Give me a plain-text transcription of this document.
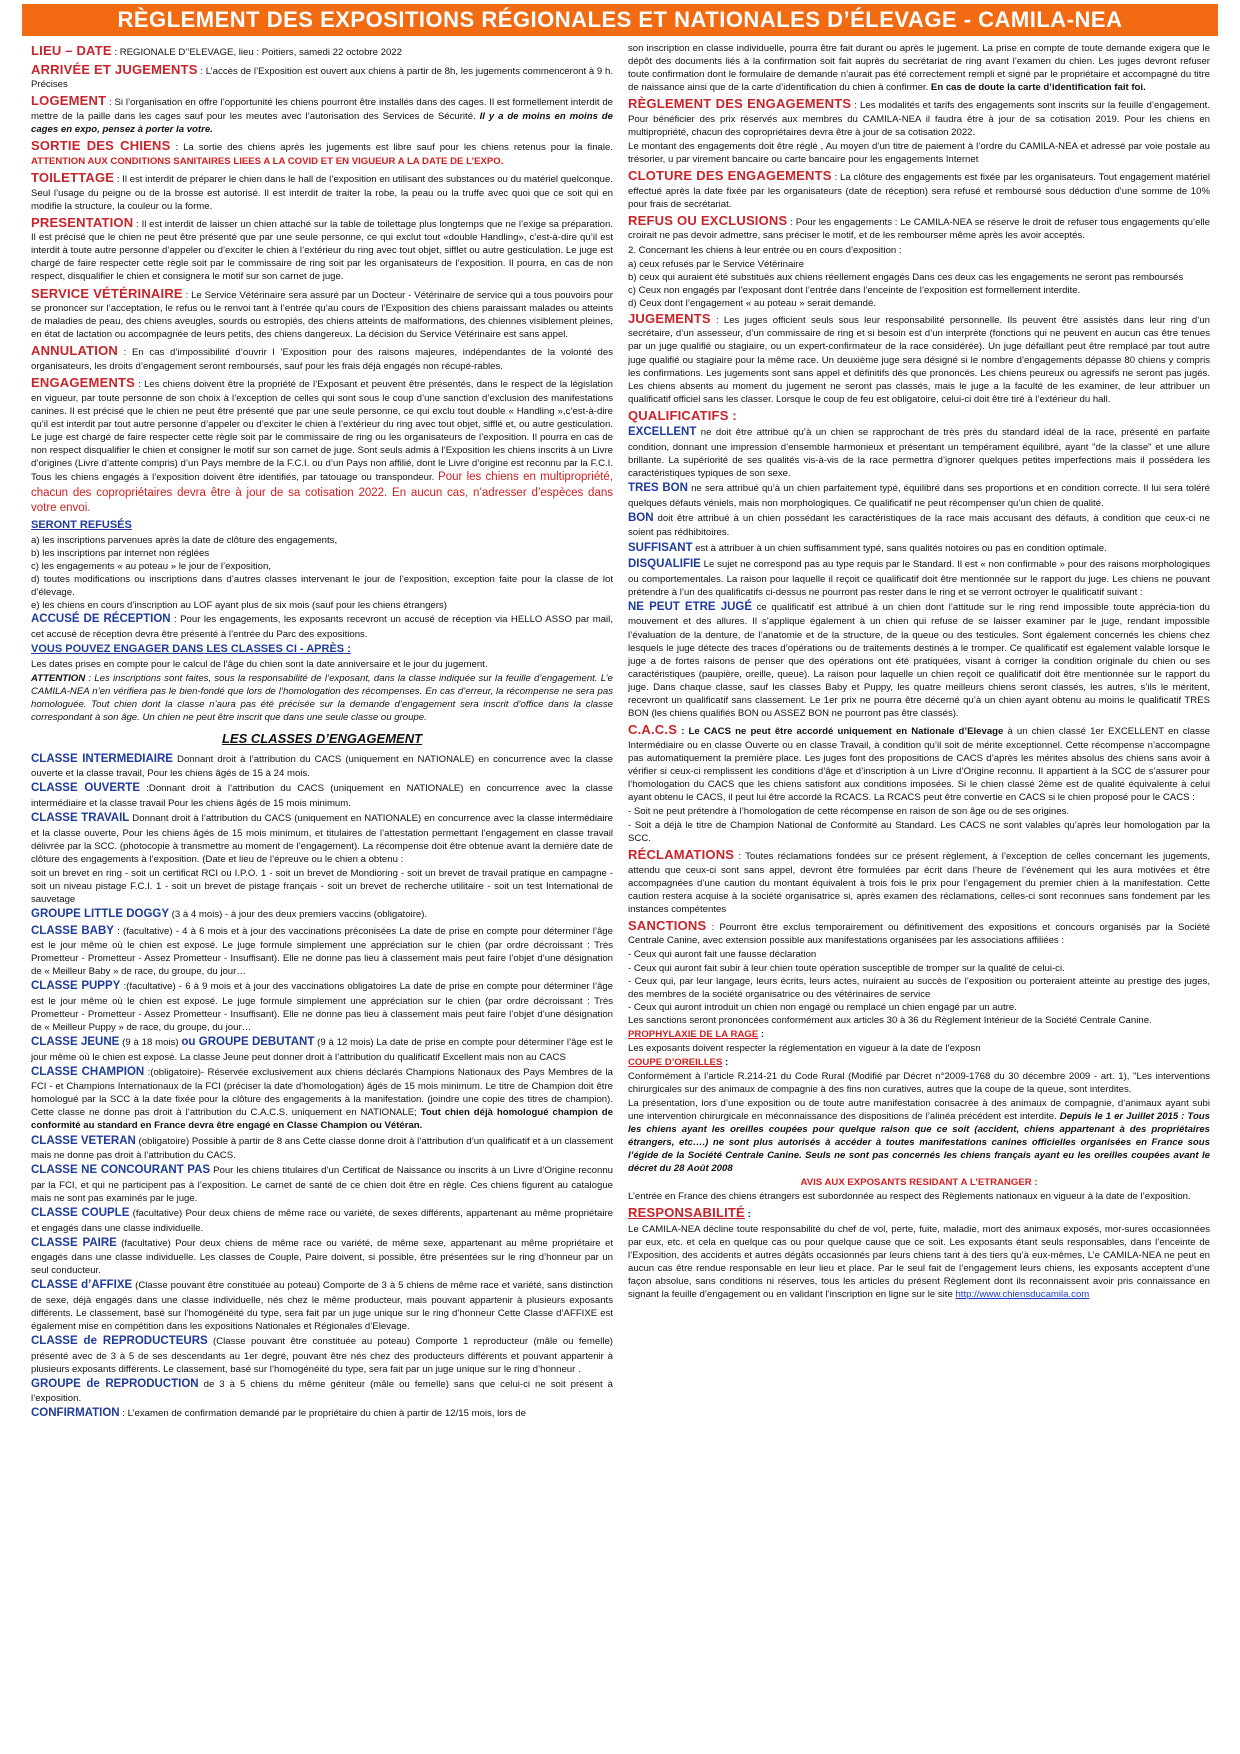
RÈGLEMENT DES EXPOSITIONS RÉGIONALES ET NATIONALES D’ÉLEVAGE - CAMILA-NEA

LIEU – DATE : REGIONALE D’’ELEVAGE, lieu : Poitiers, samedi 22 octobre 2022

ARRIVÉE ET JUGEMENTS : L’accès de l’Exposition est ouvert aux chiens à partir de 8h, les jugements commenceront à 9 h. Précises

LOGEMENT : Si l’organisation en offre l’opportunité les chiens pourront être installés dans des cages. Il est formellement interdit de mettre de la paille dans les cages sauf pour les meutes avec l’autorisation des Services de Sécurité. Il y a de moins en moins de cages en expo, pensez à porter la votre.

SORTIE DES CHIENS : La sortie des chiens après les jugements est libre sauf pour les chiens retenus pour la finale. ATTENTION AUX CONDITIONS SANITAIRES LIEES A LA COVID ET EN VIGUEUR A LA DATE DE L’EXPO.

TOILETTAGE : Il est interdit de préparer le chien dans le hall de l’exposition en utilisant des substances ou du matériel quelconque. Seul l’usage du peigne ou de la brosse est autorisé. Il est interdit de traiter la robe, la peau ou la truffe avec quoi que ce soit qui en modifie la structure, la couleur ou la forme.

PRESENTATION : Il est interdit de laisser un chien attaché sur la table de toilettage plus longtemps que ne l’exige sa préparation. Il est précisé que le chien ne peut être présenté que par une seule personne, ce qui exclut tout «double Handling», c’est-à-dire qu’il est interdit à toute autre personne d’appeler ou d’exciter le chien à l’extérieur du ring avec tout objet, sifflet ou autre gesticulation. Le juge est chargé de faire respecter cette règle soit par le commissaire de ring soit par les organisateurs de l’exposition. Il pourra, en cas de non respect, disqualifier le chien et consignera le motif sur son carnet de juge.

SERVICE VÉTÉRINAIRE : Le Service Vétérinaire sera assuré par un Docteur - Vétérinaire de service qui a tous pouvoirs pour se prononcer sur l’acceptation, le refus ou le renvoi tant à l’entrée qu’au cours de l’Exposition des chiens paraissant malades ou atteints de maladies de peau, des chiens aveugles, sourds ou estropiés, des chiens atteints de malformations, des chiennes visiblement pleines, en état de lactation ou accompagnée de leurs petits, des chiens dangereux. La décision du Service Vétérinaire est sans appel.

ANNULATION : En cas d’impossibilité d’ouvrir l ’Exposition pour des raisons majeures, indépendantes de la volonté des organisateurs, les droits d’engagement seront remboursés, sauf pour les frais déjà engagés non récupé-rables.

ENGAGEMENTS : Les chiens doivent être la propriété de l’Exposant et peuvent être présentés, dans le respect de la législation en vigueur, par toute personne de son choix à l’exception de celles qui sont sous le coup d’une sanction d’exclusion des manifestations canines. Il est précisé que le chien ne peut être présenté que par une seule personne, ce qui exclu tout double « Handling »,c’est-à-dire qu’il est interdit par tout autre personne d’appeler ou d’exciter le chien à l’extérieur du ring avec tout objet, sifflé et, ou autre gesticulation. Le juge est chargé de faire respecter cette règle soit par le commissaire de ring ou les organisateurs de l’exposition. Il pourra en cas de non respect disqualifier le chien et consigner le motif sur son carnet de juge. Sont seuls admis à l’Exposition les chiens inscrits à un Livre d’origines (Livre d’attente compris) d’un Pays membre de la F.C.I. ou d’un Pays non affilié, dont le Livre d’origine est reconnu par la F.C.I. Tous les chiens engagés à l’exposition doivent être identifiés, par tatouage ou transpondeur. Pour les chiens en multipropriété, chacun des copropriétaires devra être à jour de sa cotisation 2022. En aucun cas, n’adresser d’espèces dans votre envoi.

SERONT REFUSÉS

a) les inscriptions parvenues après la date de clôture des engagements,

b) les inscriptions par internet non réglées

c) les engagements « au poteau » le jour de l’exposition,

d) toutes modifications ou inscriptions dans d’autres classes intervenant le jour de l’exposition, exception faite pour la classe de lot d’élevage.

e) les chiens en cours d’inscription au LOF ayant plus de six mois (sauf pour les chiens étrangers)

ACCUSÉ DE RÉCEPTION : Pour les engagements, les exposants recevront un accusé de réception via HELLO ASSO par mail, cet accusé de réception devra être présenté à l’entrée du Parc des expositions.

VOUS POUVEZ ENGAGER DANS LES CLASSES CI - APRÈS :

Les dates prises en compte pour le calcul de l’âge du chien sont la date anniversaire et le jour du jugement.

ATTENTION : Les inscriptions sont faites, sous la responsabilité de l’exposant, dans la classe indiquée sur la feuille d’engagement. L’e CAMILA-NEA n’en vérifiera pas le bien-fondé que lors de l’homologation des récompenses. En cas d’erreur, la récompense ne sera pas homologuée. Tout chien dont la classe n’aura pas été précisée sur la demande d’engagement sera inscrit d’office dans la classe correspondant à son âge. Un chien ne peut être inscrit que dans une seule classe ou groupe.

LES CLASSES D’ENGAGEMENT

CLASSE INTERMEDIAIRE Donnant droit à l’attribution du CACS (uniquement en NATIONALE) en concurrence avec la classe ouverte et la classe travail, Pour les chiens âgés de 15 à 24 mois.

CLASSE OUVERTE :Donnant droit à l’attribution du CACS (uniquement en NATIONALE) en concurrence avec la classe intermédiaire et la classe travail Pour les chiens âgés de 15 mois minimum.

CLASSE TRAVAIL Donnant droit à l’attribution du CACS (uniquement en NATIONALE) en concurrence avec la classe intermédiaire et la classe ouverte, Pour les chiens âgés de 15 mois minimum, et titulaires de l’attestation permettant l’engagement en classe travail délivrée par la SCC. (photocopie à transmettre au moment de l’engagement). La récompense doit être obtenue avant la dernière date de clôture des engagements à l’exposition. (Date et lieu de l’épreuve ou le chien a obtenu :

soit un brevet en ring - soit un certificat RCI ou I.P.O. 1 - soit un brevet de Mondioring - soit un brevet de travail pratique en campagne - soit un niveau pistage F.C.I. 1 - soit un brevet de pistage français - soit un brevet de recherche utilitaire - soit un test International de sauvetage

GROUPE LITTLE DOGGY (3 à 4 mois) - à jour des deux premiers vaccins (obligatoire).

CLASSE BABY : (facultative) - 4 à 6 mois et à jour des vaccinations préconisées La date de prise en compte pour déterminer l’âge est le jour même où le chien est exposé. Le juge formule simplement une appréciation sur le chien (par ordre décroissant : Très Prometteur - Prometteur - Assez Prometteur - Insuffisant). Elle ne donne pas lieu à classement mais peut faire l’objet d’une désignation de « Meilleur Baby » de race, du groupe, du jour…

CLASSE PUPPY :(facultative) - 6 à 9 mois et à jour des vaccinations obligatoires La date de prise en compte pour déterminer l’âge est le jour même où le chien est exposé. Le juge formule simplement une appréciation sur le chien (par ordre décroissant : Très Prometteur - Prometteur - Assez Prometteur - Insuffisant). Elle ne donne pas lieu à classement mais peut faire l’objet d’une désignation de « Meilleur Puppy » de race, du groupe, du jour…

CLASSE JEUNE (9 à 18 mois) ou GROUPE DEBUTANT (9 à 12 mois) La date de prise en compte pour déterminer l’âge est le jour même où le chien est exposé. La classe Jeune peut donner droit à l’attribution du qualificatif Excellent mais non au CACS

CLASSE CHAMPION :(obligatoire)- Réservée exclusivement aux chiens déclarés Champions Nationaux des Pays Membres de la FCI - et Champions Internationaux de la FCI (préciser la date d’homologation) âgés de 15 mois minimum. Le titre de Champion doit être homologué par la SCC à la date fixée pour la clôture des engagements à la manifestation. (joindre une copie des titres de champion). Cette classe ne donne pas droit à l’attribution du C.A.C.S. uniquement en NATIONALE; Tout chien déjà homologué champion de conformité au standard en France devra être engagé en Classe Champion ou Vétéran.

CLASSE VETERAN (obligatoire) Possible à partir de 8 ans Cette classe donne droit à l’attribution d’un qualificatif et à un classement mais ne donne pas droit à l’attribution du CACS.

CLASSE NE CONCOURANT PAS Pour les chiens titulaires d’un Certificat de Naissance ou inscrits à un Livre d’Origine reconnu par la FCI, et qui ne participent pas à l’exposition. Le carnet de santé de ce chien doit être en règle. Ces chiens figurent au catalogue mais ne sont pas examinés par le juge.

CLASSE COUPLE (facultative) Pour deux chiens de même race ou variété, de sexes différents, appartenant au même propriétaire et engagés dans une classe individuelle.

CLASSE PAIRE (facultative) Pour deux chiens de même race ou variété, de même sexe, appartenant au même propriétaire et engagés dans une classe individuelle. Les classes de Couple, Paire doivent, si possible, être présentées sur le ring d’honneur par un seul conducteur.

CLASSE d’AFFIXE (Classe pouvant être constituée au poteau) Comporte de 3 à 5 chiens de même race et variété, sans distinction de sexe, déjà engagés dans une classe individuelle, nés chez le même producteur, mais pouvant appartenir à plusieurs exposants différents. Le classement, basé sur l’homogénéité du type, sera fait par un juge unique sur le ring d’honneur Cette Classe d’AFFIXE est également mise en compétition dans les expositions Nationales et Régionales d’Elevage.

CLASSE de REPRODUCTEURS (Classe pouvant être constituée au poteau) Comporte 1 reproducteur (mâle ou femelle) présenté avec de 3 à 5 de ses descendants au 1er degré, pouvant être nés chez des producteurs différents et pouvant appartenir à plusieurs exposants différents. Le classement, basé sur l’homogénéité du type, sera fait par un juge unique sur le ring d’honneur .

GROUPE de REPRODUCTION de 3 à 5 chiens du même géniteur (mâle ou femelle) sans que celui-ci ne soit présent à l’exposition.

CONFIRMATION : L’examen de confirmation demandé par le propriétaire du chien à partir de 12/15 mois, lors de

son inscription en classe individuelle, pourra être fait durant ou après le jugement. La prise en compte de toute demande exigera que le dépôt des documents liés à la confirmation soit fait auprès du secrétariat de ring avant l’examen du chien. Les juges devront refuser toute confirmation dont le formulaire de demande n’aurait pas été correctement rempli et signé par le propriétaire et accompagné du titre de naissance ainsi que de la carte d’identification du chien à confirmer. En cas de doute la carte d’identification fait foi.

RÈGLEMENT DES ENGAGEMENTS : Les modalités et tarifs des engagements sont inscrits sur la feuille d’engagement. Pour bénéficier des prix réservés aux membres du CAMILA-NEA il faudra être à jour de sa cotisation 2019. Pour les chiens en multipropriété, chacun des copropriétaires devra être à jour de sa cotisation 2022.

Le montant des engagements doit être réglé , Au moyen d’un titre de paiement à l’ordre du CAMILA-NEA et adressé par voie postale au trésorier, u par virement bancaire ou carte bancaire pour les engagements Internet

CLOTURE DES ENGAGEMENTS : La clôture des engagements est fixée par les organisateurs. Tout engagement matériel effectué après la date fixée par les organisateurs (date de réception) sera refusé et remboursé sous déduction d’une somme de 10% pour frais de secrétariat.

REFUS OU EXCLUSIONS : Pour les engagements : Le CAMILA-NEA se réserve le droit de refuser tous engagements qu’elle croirait ne pas devoir admettre, sans préciser le motif, et de les rembourser même après les avoir acceptés.

2. Concernant les chiens à leur entrée ou en cours d’exposition :

a) ceux refusés par le Service Vétérinaire

b) ceux qui auraient été substitués aux chiens réellement engagés Dans ces deux cas les engagements ne seront pas remboursés

c) Ceux non engagés par l’exposant dont l’entrée dans l’enceinte de l’exposition est formellement interdite.

d) Ceux dont l’engagement « au poteau » serait demandé.

JUGEMENTS : Les juges officient seuls sous leur responsabilité personnelle. Ils peuvent être assistés dans leur ring d’un secrétaire, d’un assesseur, d’un commissaire de ring et si besoin est d’un interprète (fonctions qui ne peuvent en aucun cas être tenues par un juge qualifié ou stagiaire, ou un expert-confirmateur de la race considérée). Un juge défaillant peut être remplacé par tout autre juge qualifié ou stagiaire pour la même race. Un deuxième juge sera désigné si le nombre d’engagements dépasse 80 chiens y compris les confirmations. Les jugements sont sans appel et définitifs dès que prononcés. Les chiens peureux ou agressifs ne seront pas jugés. Les chiens absents au moment du jugement ne seront pas classés, mais le juge a la faculté de les examiner, de leur attribuer un qualificatif officiel sans les classer. Lorsque le coup de feu est obligatoire, celui-ci doit être tiré à l’extérieur du hall.

QUALIFICATIFS :

EXCELLENT ne doit être attribué qu’à un chien se rapprochant de très près du standard idéal de la race, présenté en parfaite condition, donnant une impression d’ensemble harmonieux et présentant un tempérament équilibré, ayant "de la classe" et une allure brillante. La supériorité de ses qualités vis-à-vis de la race permettra d’ignorer quelques petites imperfections mais il possédera les caractéristiques typiques de son sexe.

TRES BON ne sera attribué qu’à un chien parfaitement typé, équilibré dans ses proportions et en condition correcte. Il lui sera toléré quelques défauts véniels, mais non morphologiques. Ce qualificatif ne peut récompenser qu’un chien de qualité.

BON doit être attribué à un chien possédant les caractéristiques de la race mais accusant des défauts, à condition que ceux-ci ne soient pas rédhibitoires.

SUFFISANT est à attribuer à un chien suffisamment typé, sans qualités notoires ou pas en condition optimale.

DISQUALIFIE Le sujet ne correspond pas au type requis par le Standard. Il est « non confirmable » pour des raisons morphologiques ou comportementales. La raison pour laquelle il reçoit ce qualificatif doit être mentionnée sur le rapport du juge. Les chiens ne pouvant prétendre à l’un des qualificatifs ci-dessus ne pourront pas rester dans le ring et se verront octroyer le qualificatif suivant :

NE PEUT ETRE JUGÉ ce qualificatif est attribué à un chien dont l’attitude sur le ring rend impossible toute apprécia-tion du mouvement et des allures. Il s’applique également à un chien qui refuse de se laisser examiner par le juge, rendant impossible l’évaluation de la denture, de l’anatomie et de la structure, de la queue ou des testicules. Sont également concernés les chiens chez lesquels le juge détecte des traces d’opérations ou de traitements destinés à le tromper. Ce qualificatif est également valable lorsque le juge a de fortes raisons de penser que des opérations ont été pratiquées, visant à corriger la condition originale du chien ou ses caractéristiques (paupière, oreille, queue). La raison pour laquelle un chien reçoit ce qualificatif doit être mentionnée sur le rapport du juge. Dans chaque classe, sauf les classes Baby et Puppy, les quatre meilleurs chiens seront classés, les autres, s’ils le méritent, recevront un qualificatif sans classement. Le 1er prix ne pourra être décerné qu’à un chien ayant obtenu au moins le qualificatif TRES BON (les chiens qualifiés BON ou ASSEZ BON ne pourront pas être classés).

C.A.C.S : Le CACS ne peut être accordé uniquement en Nationale d’Elevage à un chien classé 1er EXCELLENT en classe Intermédiaire ou en classe Ouverte ou en classe Travail, à condition qu’il soit de mérite exceptionnel. Cette récompense n’accompagne pas automatiquement la première place. Les juges font des propositions de CACS d’après les mérites absolus des chiens sans avoir à vérifier si ceux-ci remplissent les conditions d’âge et d’inscription à un Livre d’Origine reconnu. Il appartient à la SCC de s’assurer pour l’homologation du CACS que les chiens satisfont aux conditions imposées. Si le chien classé 2ème est de qualité équivalente à celui ayant obtenu le CACS, il peut lui être accordé la RCACS. La RCACS peut être convertie en CACS si le chien proposé pour le CACS :

- Soit ne peut prétendre à l’homologation de cette récompense en raison de son âge ou de ses origines.

- Soit a déjà le titre de Champion National de Conformité au Standard. Les CACS ne sont valables qu’après leur homologation par la SCC.

RÉCLAMATIONS : Toutes réclamations fondées sur ce présent règlement, à l’exception de celles concernant les jugements, attendu que ceux-ci sont sans appel, devront être formulées par écrit dans l’heure de l’événement qui les aura motivées et être accompagnées d’une caution du montant équivalent à trois fois le prix pour l’engagement du premier chien à la manifestation. Cette caution restera acquise à la société organisatrice si, après examen des réclamations, celles-ci sont reconnues sans fondement par les instances compétentes

SANCTIONS : Pourront être exclus temporairement ou définitivement des expositions et concours organisés par la Société Centrale Canine, avec extension possible aux manifestations organisées par les associations affiliées :

- Ceux qui auront fait une fausse déclaration

- Ceux qui auront fait subir à leur chien toute opération susceptible de tromper sur la qualité de celui-ci.

- Ceux qui, par leur langage, leurs écrits, leurs actes, nuiraient au succès de l’exposition ou porteraient atteinte au prestige des juges, des membres de la société organisatrice ou des vétérinaires de service

- Ceux qui auront introduit un chien non engagé ou remplacé un chien engagé par un autre.

Les sanctions seront prononcées conformément aux articles 30 à 36 du Règlement Intérieur de la Société Centrale Canine.

PROPHYLAXIE DE LA RAGE :

Les exposants doivent respecter la réglementation en vigueur à la date de l’exposn

COUPE D’OREILLES :

Conformément à l’article R.214-21 du Code Rural (Modifié par Décret n°2009-1768 du 30 décembre 2009 - art. 1), "Les interventions chirurgicales sur des animaux de compagnie à des fins non curatives, autres que la coupe de la queue, sont interdites.

La présentation, lors d’une exposition ou de toute autre manifestation consacrée à des animaux de compagnie, d’animaux ayant subi une intervention chirurgicale en méconnaissance des dispositions de l’alinéa précédent est interdite. Depuis le 1 er Juillet 2015 : Tous les chiens ayant les oreilles coupées pour quelque raison que ce soit (accident, chiens appartenant à des propriétaires étrangers, etc….) ne sont plus autorisés à accéder à toutes manifestations canines officielles organisées en France sous l’égide de la Société Centrale Canine. Seuls ne sont pas concernés les chiens français ayant eu les oreilles coupées avant le décret du 28 Août 2008

AVIS AUX EXPOSANTS RESIDANT A L’ETRANGER :

L’entrée en France des chiens étrangers est subordonnée au respect des Règlements nationaux en vigueur à la date de l’exposition.

RESPONSABILITÉ :

Le CAMILA-NEA décline toute responsabilité du chef de vol, perte, fuite, maladie, mort des animaux exposés, mor-sures occasionnées par eux, etc. et cela en quelque cas ou pour quelque cause que ce soit. Les exposants étant seuls responsables, dans l’enceinte de l’Exposition, des accidents et autres dégâts occasionnés par leurs chiens tant à des tiers qu’à eux-mêmes, L’e CAMILA-NEA ne peut en aucun cas être rendue responsable en leur lieu et place. Par le seul fait de l’engagement leurs chiens, les exposants acceptent d’une façon absolue, sans conditions ni réserves, tous les articles du présent Règlement dont ils reconnaissent avoir pris connaissance en signant la feuille d’engagement ou en validant l’inscription en ligne sur le site http://www.chiensducamila.com
